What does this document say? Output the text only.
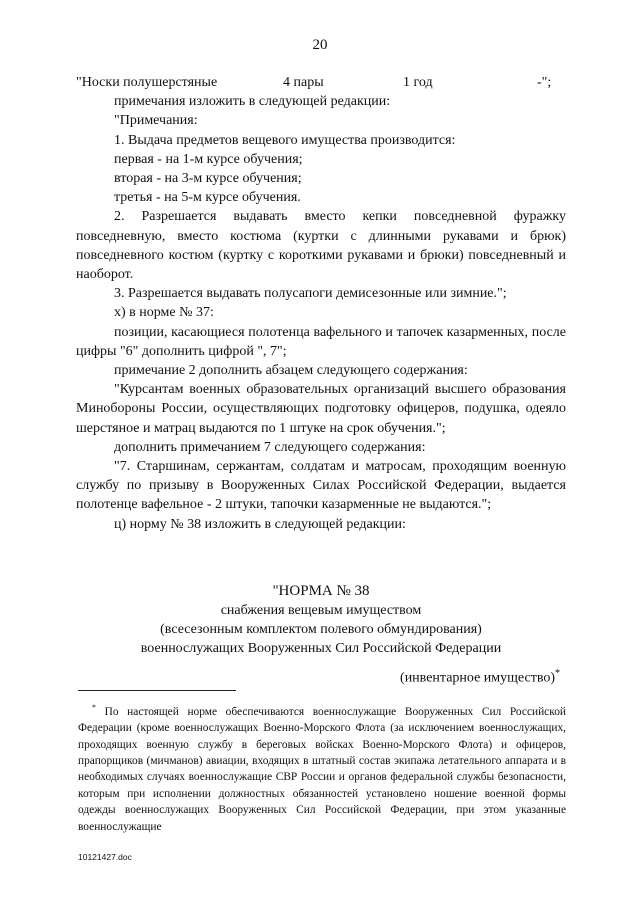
20
"Носки полушерстяные	4 пары	1 год	-";

примечания изложить в следующей редакции:

"Примечания:

1. Выдача предметов вещевого имущества производится:

первая - на 1-м курсе обучения;

вторая - на 3-м курсе обучения;

третья - на 5-м курсе обучения.

2. Разрешается выдавать вместо кепки повседневной фуражку повседневную, вместо костюма (куртки с длинными рукавами и брюк) повседневного костюм (куртку с короткими рукавами и брюки) повседневный и наоборот.

3. Разрешается выдавать полусапоги демисезонные или зимние.";

х) в норме № 37:

позиции, касающиеся полотенца вафельного и тапочек казарменных, после цифры "6" дополнить цифрой ", 7";

примечание 2 дополнить абзацем следующего содержания:

"Курсантам военных образовательных организаций высшего образования Минобороны России, осуществляющих подготовку офицеров, подушка, одеяло шерстяное и матрац выдаются по 1 штуке на срок обучения.";

дополнить примечанием 7 следующего содержания:

"7. Старшинам, сержантам, солдатам и матросам, проходящим военную службу по призыву в Вооруженных Силах Российской Федерации, выдается полотенце вафельное - 2 штуки, тапочки казарменные не выдаются.";

ц) норму № 38 изложить в следующей редакции:

"НОРМА № 38

снабжения вещевым имуществом

(всесезонным комплектом полевого обмундирования)

военнослужащих Вооруженных Сил Российской Федерации

(инвентарное имущество)*

* По настоящей норме обеспечиваются военнослужащие Вооруженных Сил Российской Федерации (кроме военнослужащих Военно-Морского Флота (за исключением военнослужащих, проходящих военную службу в береговых войсках Военно-Морского Флота) и офицеров, прапорщиков (мичманов) авиации, входящих в штатный состав экипажа летательного аппарата и в необходимых случаях военнослужащие СВР России и органов федеральной службы безопасности, которым при исполнении должностных обязанностей установлено ношение военной формы одежды военнослужащих Вооруженных Сил Российской Федерации, при этом указанные военнослужащие

10121427.doc
